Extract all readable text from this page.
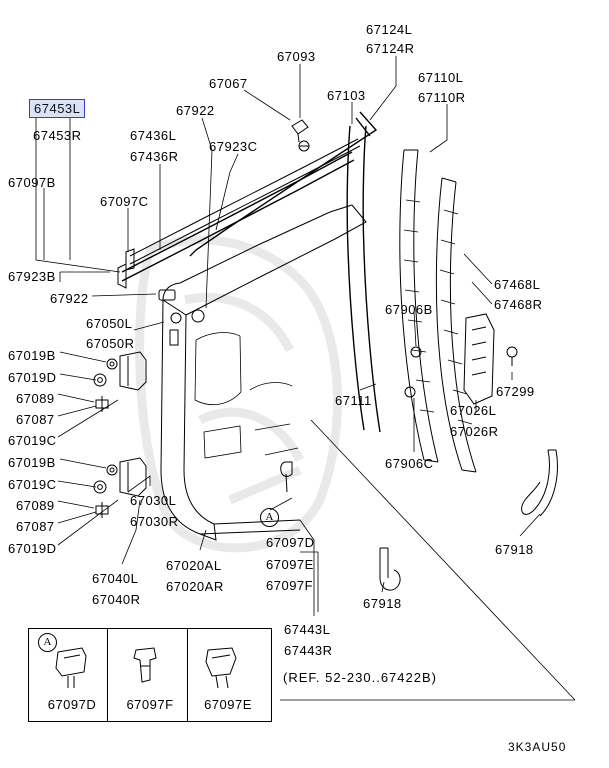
67097D	67097F	67097E
A
A
67453L
67124L
67124R
67093
67110L
67067
67110R
67103
67922
67436L
67923C
67453R
67436R
67097B
67097C
67923B
67468L
67922
67906B	67468R
67050L
67050R
67019B
67299
67019D
67089	67111
67026L
67087
67026R
67019C
67019B	67906C
67019C
67030L
67089
67030R
67087
67019D	67918
67097D
67020AL	67097E
67040L
67020AR	67097F
67040R	67918
67443L
67443R
(REF. 52-230..67422B)
3K3AU50
